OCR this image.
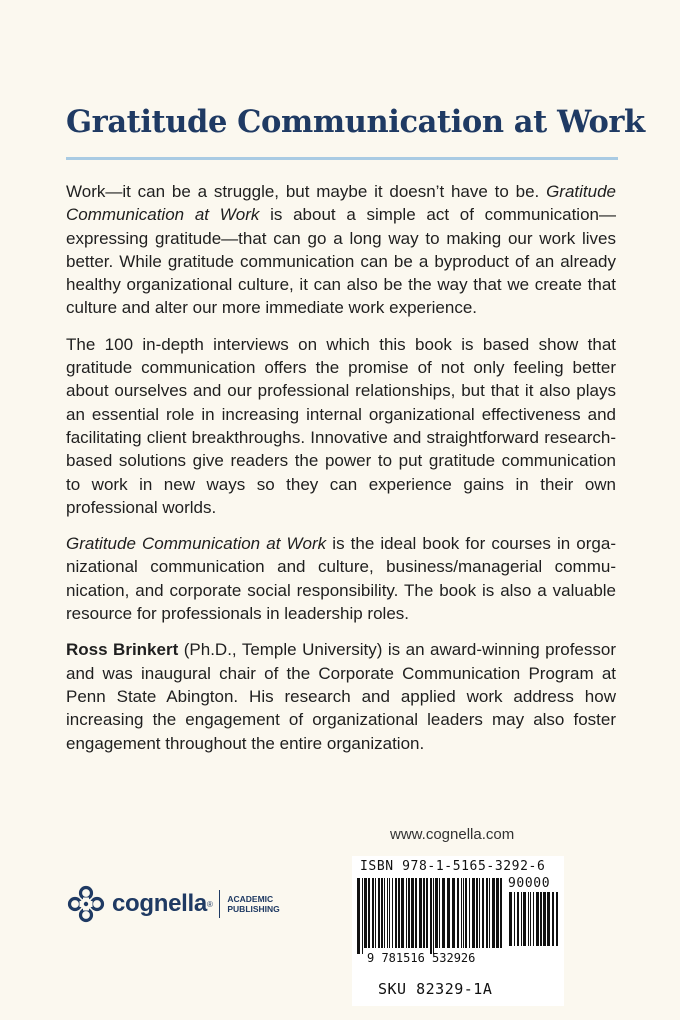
Gratitude Communication at Work

Work—it can be a struggle, but maybe it doesn’t have to be. Gratitude Communication at Work is about a simple act of communication—expressing gratitude—that can go a long way to making our work lives better. While gratitude communication can be a byproduct of an already healthy organizational culture, it can also be the way that we create that culture and alter our more immediate work experience.

The 100 in-depth interviews on which this book is based show that gratitude communication offers the promise of not only feeling better about ourselves and our professional relationships, but that it also plays an essential role in increasing internal organizational effectiveness and facilitating client breakthroughs. Innovative and straightforward research-based solutions give readers the power to put gratitude communication to work in new ways so they can experience gains in their own professional worlds.

Gratitude Communication at Work is the ideal book for courses in organizational communication and culture, business/managerial communication, and corporate social responsibility. The book is also a valuable resource for professionals in leadership roles.

Ross Brinkert (Ph.D., Temple University) is an award-winning professor and was inaugural chair of the Corporate Communication Program at Penn State Abington. His research and applied work address how increasing the engagement of organizational leaders may also foster engagement throughout the entire organization.

www.cognella.com
cognella ® ACADEMIC
PUBLISHING
ISBN 978-1-5165-3292-6
90000
9 781516 532926
SKU 82329-1A
